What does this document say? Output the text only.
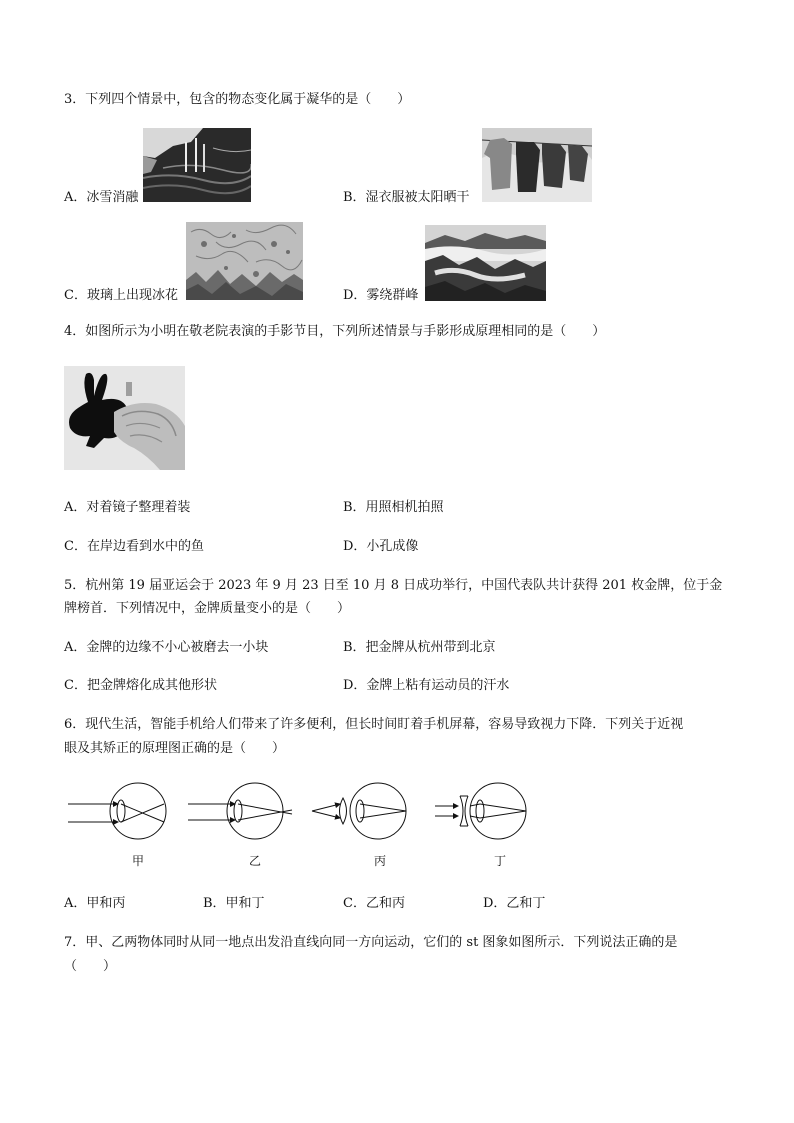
3．下列四个情景中，包含的物态变化属于凝华的是（　　）
A．冰雪消融	B．湿衣服被太阳晒干
C．玻璃上出现冰花	D．雾绕群峰
4．如图所示为小明在敬老院表演的手影节目，下列所述情景与手影形成原理相同的是（　　）
A．对着镜子整理着装	B．用照相机拍照
C．在岸边看到水中的鱼	D．小孔成像
5．杭州第 19 届亚运会于 2023 年 9 月 23 日至 10 月 8 日成功举行，中国代表队共计获得 201 枚金牌，位于金
牌榜首．下列情况中，金牌质量变小的是（　　）
A．金牌的边缘不小心被磨去一小块	B．把金牌从杭州带到北京
C．把金牌熔化成其他形状	D．金牌上粘有运动员的汗水
6．现代生活，智能手机给人们带来了许多便利，但长时间盯着手机屏幕，容易导致视力下降．下列关于近视
眼及其矫正的原理图正确的是（　　）
甲	乙	丙	丁
A．甲和丙	B．甲和丁	C．乙和丙	D．乙和丁
7．甲、乙两物体同时从同一地点出发沿直线向同一方向运动，它们的 st 图象如图所示．下列说法正确的是
（　　）
